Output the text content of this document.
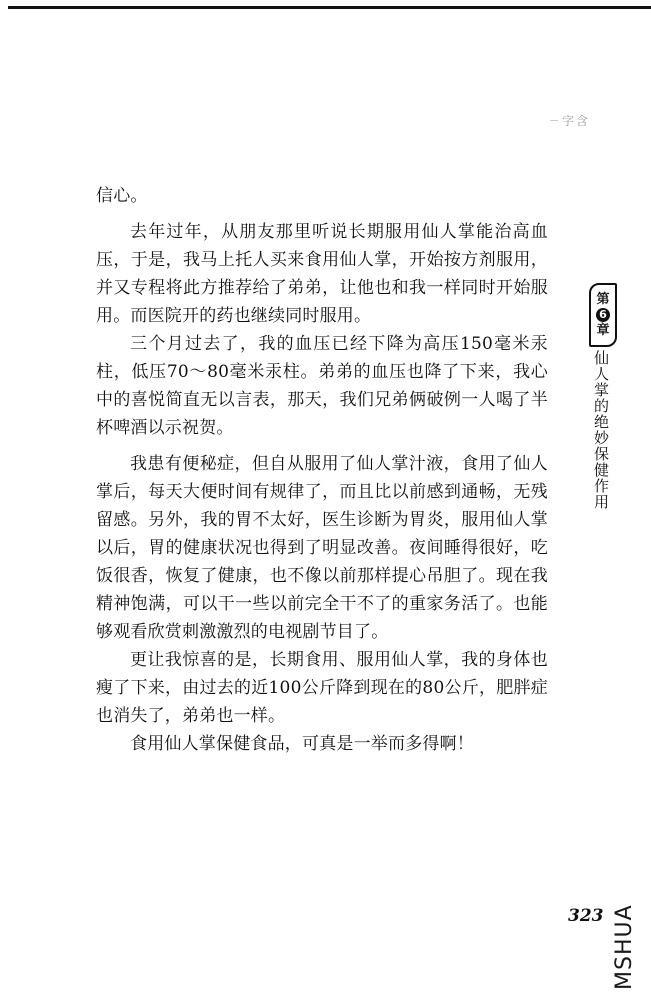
ㄧ字含

信心。

去年过年，从朋友那里听说长期服用仙人掌能治高血压，于是，我马上托人买来食用仙人掌，开始按方剂服用，并又专程将此方推荐给了弟弟，让他也和我一样同时开始服用。而医院开的药也继续同时服用。

三个月过去了，我的血压已经下降为高压150毫米汞柱，低压70～80毫米汞柱。弟弟的血压也降了下来，我心中的喜悦简直无以言表，那天，我们兄弟俩破例一人喝了半杯啤酒以示祝贺。

我患有便秘症，但自从服用了仙人掌汁液，食用了仙人掌后，每天大便时间有规律了，而且比以前感到通畅，无残留感。另外，我的胃不太好，医生诊断为胃炎，服用仙人掌以后，胃的健康状况也得到了明显改善。夜间睡得很好，吃饭很香，恢复了健康，也不像以前那样提心吊胆了。现在我精神饱满，可以干一些以前完全干不了的重家务活了。也能够观看欣赏刺激激烈的电视剧节目了。

更让我惊喜的是，长期食用、服用仙人掌，我的身体也瘦了下来，由过去的近100公斤降到现在的80公斤，肥胖症也消失了，弟弟也一样。

食用仙人掌保健食品，可真是一举而多得啊！

第
6
章
仙人掌的绝妙保健作用
323 MSHUA
